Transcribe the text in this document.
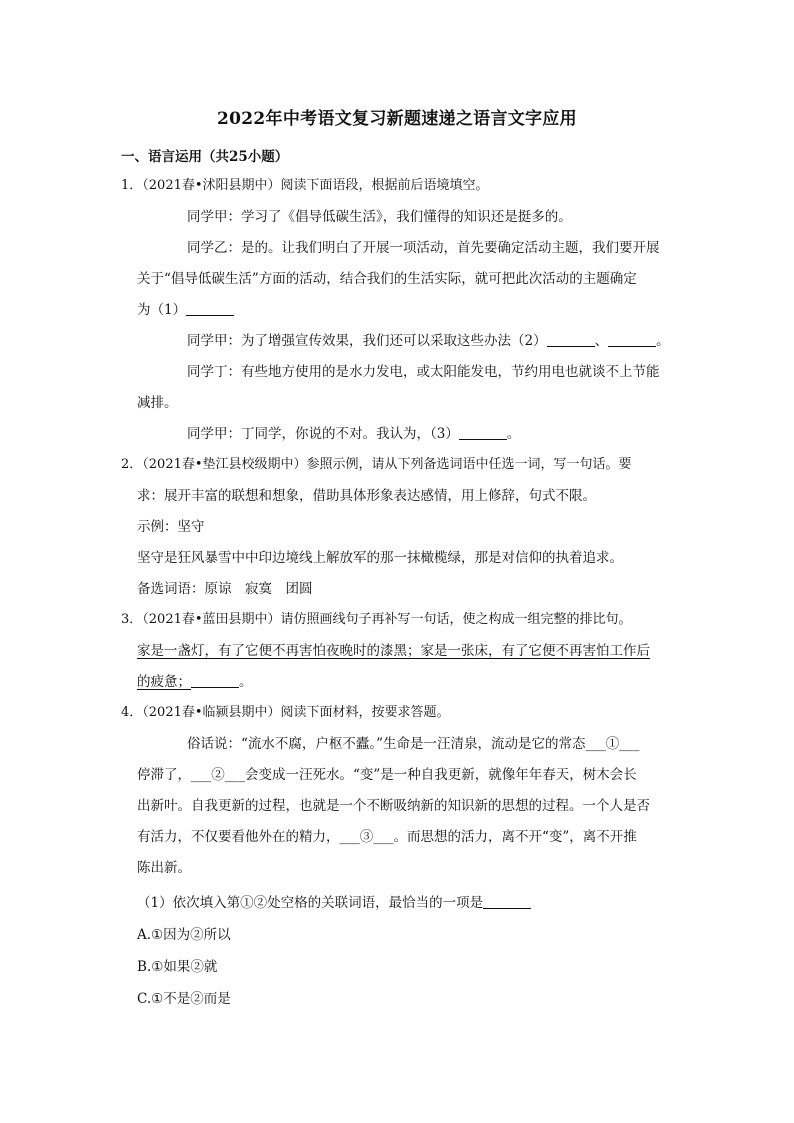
2022年中考语文复习新题速递之语言文字应用
一、语言运用（共25小题）
1．（2021春•沭阳县期中）阅读下面语段，根据前后语境填空。
同学甲：学习了《倡导低碳生活》，我们懂得的知识还是挺多的。
同学乙：是的。让我们明白了开展一项活动，首先要确定活动主题，我们要开展
关于“倡导低碳生活”方面的活动，结合我们的生活实际，就可把此次活动的主题确定
为（1）
同学甲：为了增强宣传效果，我们还可以采取这些办法（2）	、	。
同学丁：有些地方使用的是水力发电，或太阳能发电，节约用电也就谈不上节能
减排。
同学甲：丁同学，你说的不对。我认为，（3）	。
2．（2021春•垫江县校级期中）参照示例，请从下列备选词语中任选一词，写一句话。要
求：展开丰富的联想和想象，借助具体形象表达感情，用上修辞，句式不限。
示例：坚守
坚守是狂风暴雪中中印边境线上解放军的那一抹橄榄绿，那是对信仰的执着追求。
备选词语：原谅　寂寞　团圆
3．（2021春•蓝田县期中）请仿照画线句子再补写一句话，使之构成一组完整的排比句。
家是一盏灯，有了它便不再害怕夜晚时的漆黑；家是一张床，有了它便不再害怕工作后
的疲惫；	。
4．（2021春•临颍县期中）阅读下面材料，按要求答题。
俗话说：“流水不腐，户枢不蠹。”生命是一汪清泉，流动是它的常态___①___
停滞了，___②___会变成一汪死水。“变”是一种自我更新，就像年年春天，树木会长
出新叶。自我更新的过程，也就是一个不断吸纳新的知识新的思想的过程。一个人是否
有活力，不仅要看他外在的精力，___③___。而思想的活力，离不开“变”，离不开推
陈出新。
（1）依次填入第①②处空格的关联词语，最恰当的一项是
A.①因为②所以
B.①如果②就
C.①不是②而是
